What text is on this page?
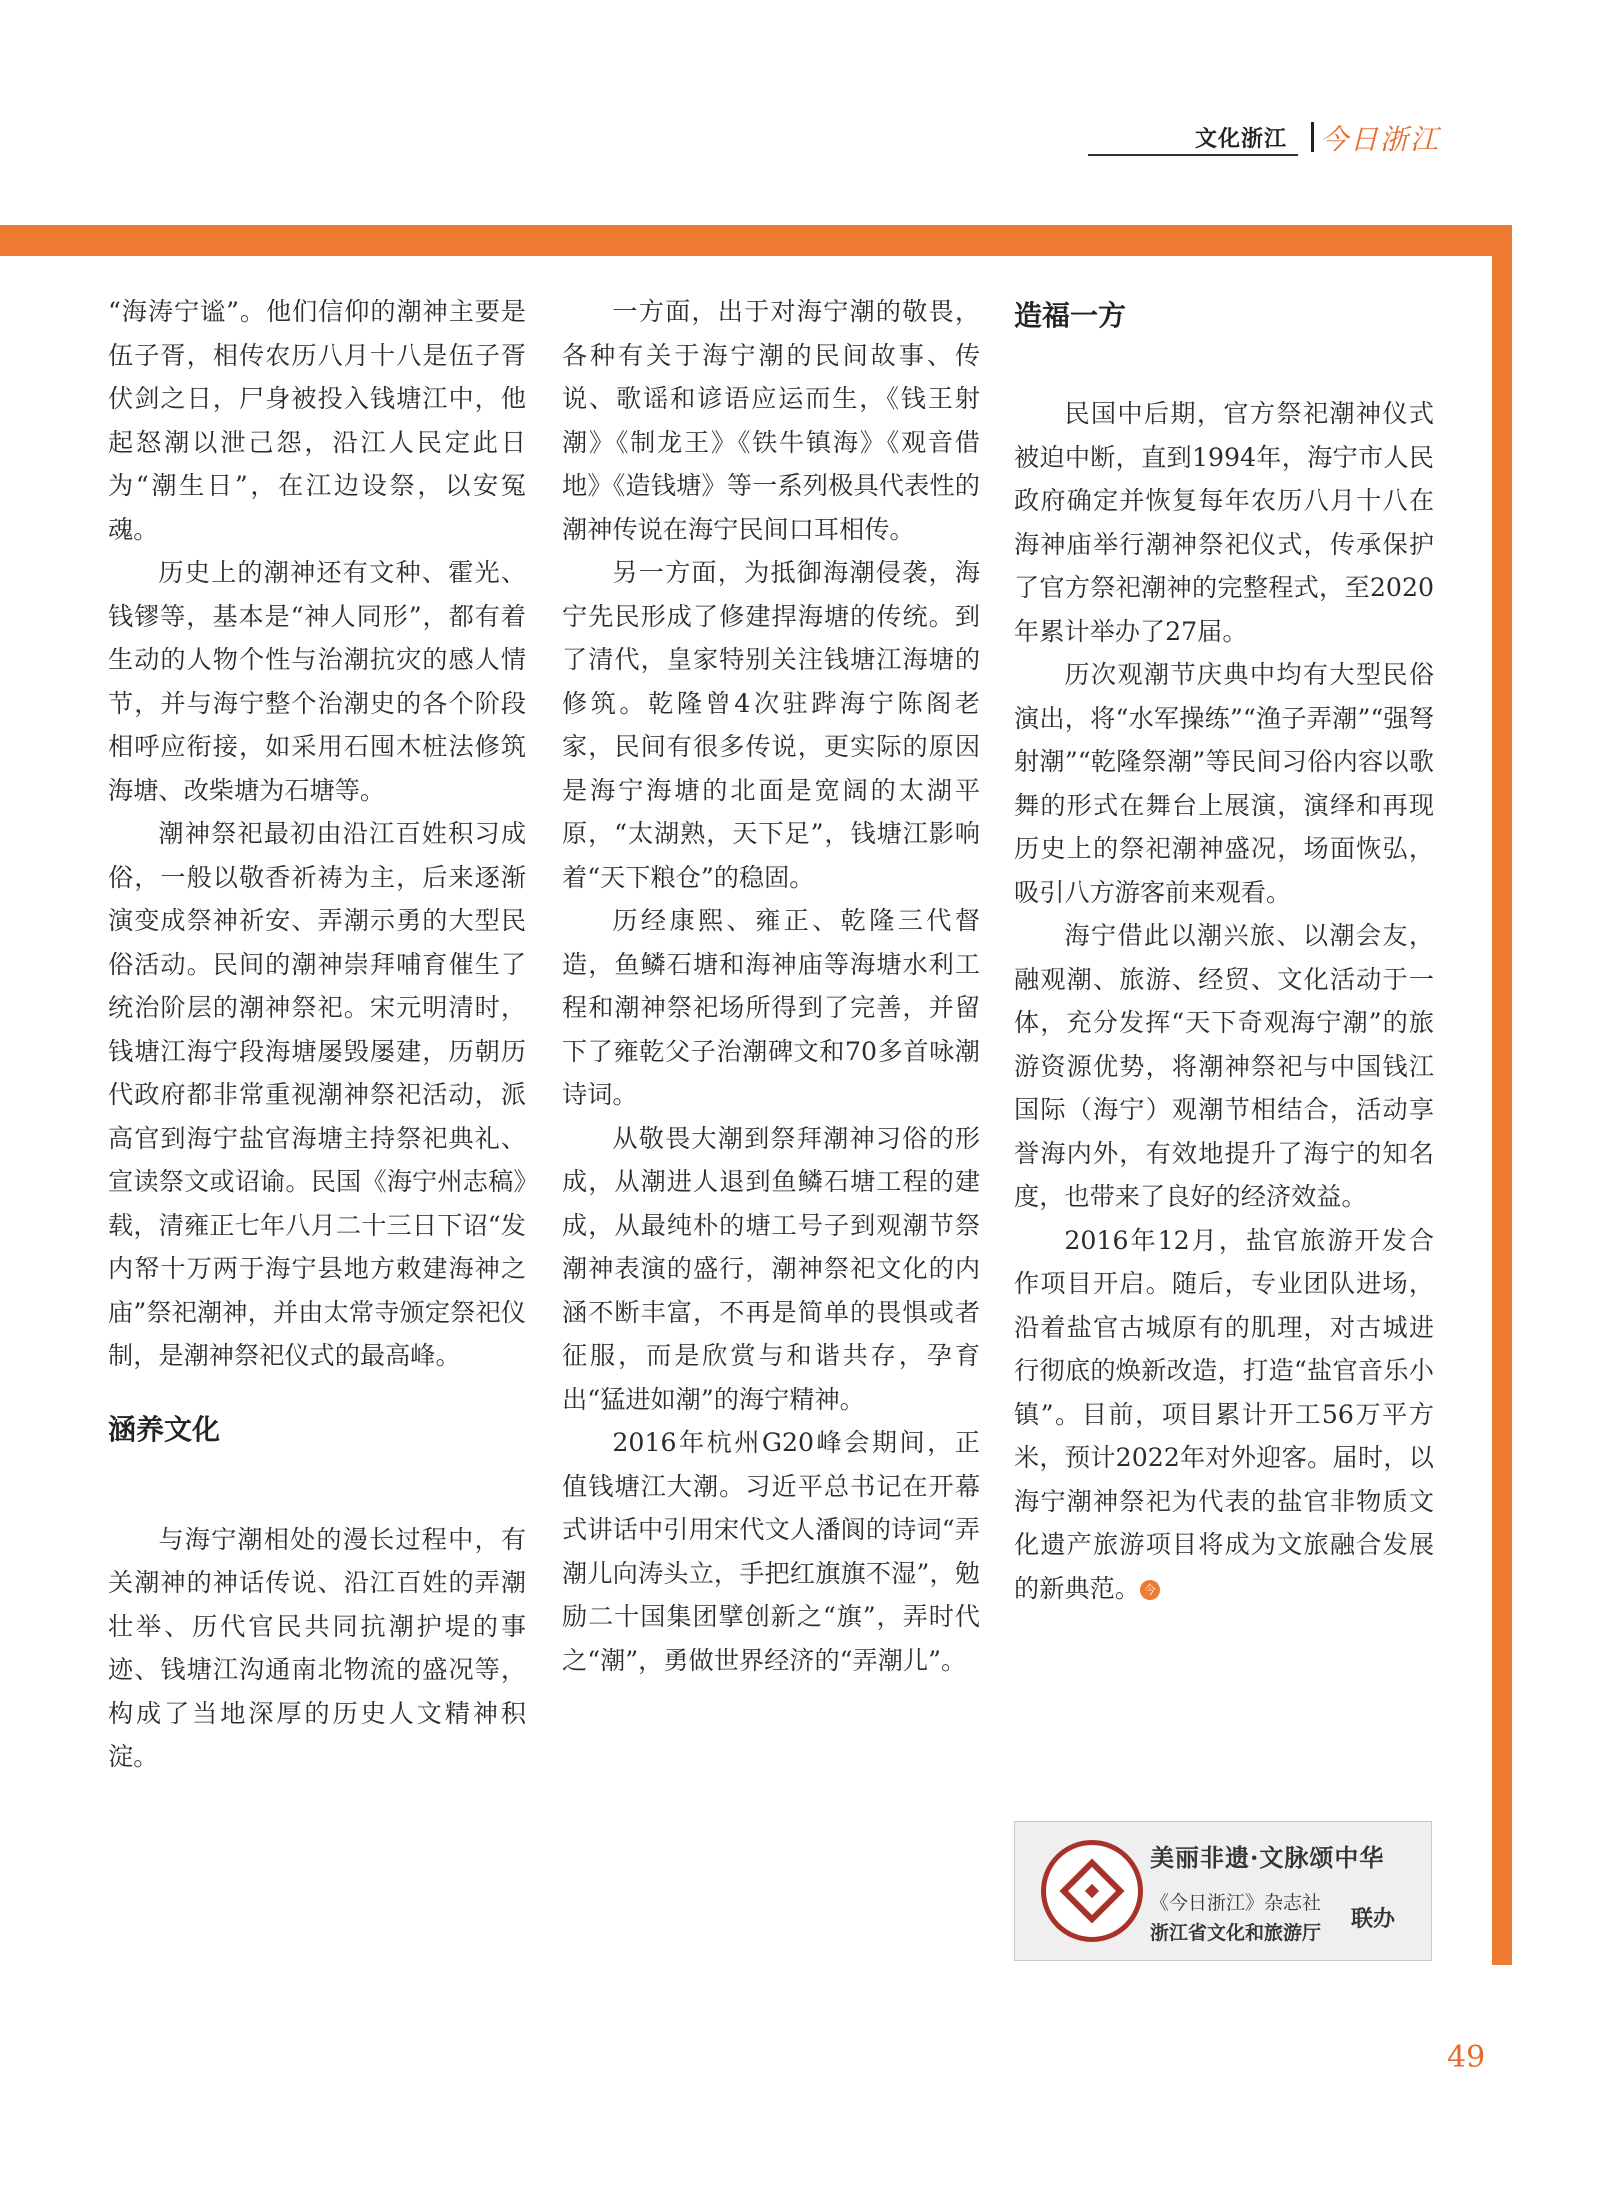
文化浙江 今日浙江

“海涛宁谧”。他们信仰的潮神主要是伍子胥，相传农历八月十八是伍子胥伏剑之日，尸身被投入钱塘江中，他起怒潮以泄己怨，沿江人民定此日为“潮生日”，在江边设祭，以安冤魂。

历史上的潮神还有文种、霍光、钱镠等，基本是“神人同形”，都有着生动的人物个性与治潮抗灾的感人情节，并与海宁整个治潮史的各个阶段相呼应衔接，如采用石囤木桩法修筑海塘、改柴塘为石塘等。

潮神祭祀最初由沿江百姓积习成俗，一般以敬香祈祷为主，后来逐渐演变成祭神祈安、弄潮示勇的大型民俗活动。民间的潮神崇拜哺育催生了统治阶层的潮神祭祀。宋元明清时，钱塘江海宁段海塘屡毁屡建，历朝历代政府都非常重视潮神祭祀活动，派高官到海宁盐官海塘主持祭祀典礼、宣读祭文或诏谕。民国《海宁州志稿》载，清雍正七年八月二十三日下诏“发内帑十万两于海宁县地方敕建海神之庙”祭祀潮神，并由太常寺颁定祭祀仪制，是潮神祭祀仪式的最高峰。

涵养文化

与海宁潮相处的漫长过程中，有关潮神的神话传说、沿江百姓的弄潮壮举、历代官民共同抗潮护堤的事迹、钱塘江沟通南北物流的盛况等，构成了当地深厚的历史人文精神积淀。

一方面，出于对海宁潮的敬畏，各种有关于海宁潮的民间故事、传说、歌谣和谚语应运而生，《钱王射潮》《制龙王》《铁牛镇海》《观音借地》《造钱塘》等一系列极具代表性的潮神传说在海宁民间口耳相传。

另一方面，为抵御海潮侵袭，海宁先民形成了修建捍海塘的传统。到了清代，皇家特别关注钱塘江海塘的修筑。乾隆曾4次驻跸海宁陈阁老家，民间有很多传说，更实际的原因是海宁海塘的北面是宽阔的太湖平原，“太湖熟，天下足”，钱塘江影响着“天下粮仓”的稳固。

历经康熙、雍正、乾隆三代督造，鱼鳞石塘和海神庙等海塘水利工程和潮神祭祀场所得到了完善，并留下了雍乾父子治潮碑文和70多首咏潮诗词。

从敬畏大潮到祭拜潮神习俗的形成，从潮进人退到鱼鳞石塘工程的建成，从最纯朴的塘工号子到观潮节祭潮神表演的盛行，潮神祭祀文化的内涵不断丰富，不再是简单的畏惧或者征服，而是欣赏与和谐共存，孕育出“猛进如潮”的海宁精神。

2016年杭州G20峰会期间，正值钱塘江大潮。习近平总书记在开幕式讲话中引用宋代文人潘阆的诗词“弄潮儿向涛头立，手把红旗旗不湿”，勉励二十国集团擘创新之“旗”，弄时代之“潮”，勇做世界经济的“弄潮儿”。

造福一方

民国中后期，官方祭祀潮神仪式被迫中断，直到1994年，海宁市人民政府确定并恢复每年农历八月十八在海神庙举行潮神祭祀仪式，传承保护了官方祭祀潮神的完整程式，至2020年累计举办了27届。

历次观潮节庆典中均有大型民俗演出，将“水军操练”“渔子弄潮”“强弩射潮”“乾隆祭潮”等民间习俗内容以歌舞的形式在舞台上展演，演绎和再现历史上的祭祀潮神盛况，场面恢弘，吸引八方游客前来观看。

海宁借此以潮兴旅、以潮会友，融观潮、旅游、经贸、文化活动于一体，充分发挥“天下奇观海宁潮”的旅游资源优势，将潮神祭祀与中国钱江国际（海宁）观潮节相结合，活动享誉海内外，有效地提升了海宁的知名度，也带来了良好的经济效益。

2016年12月，盐官旅游开发合作项目开启。随后，专业团队进场，沿着盐官古城原有的肌理，对古城进行彻底的焕新改造，打造“盐官音乐小镇”。目前，项目累计开工56万平方米，预计2022年对外迎客。届时，以海宁潮神祭祀为代表的盐官非物质文化遗产旅游项目将成为文旅融合发展的新典范。 今

美丽非遗·文脉颂中华
《今日浙江》杂志社
浙江省文化和旅游厅
联办
49
